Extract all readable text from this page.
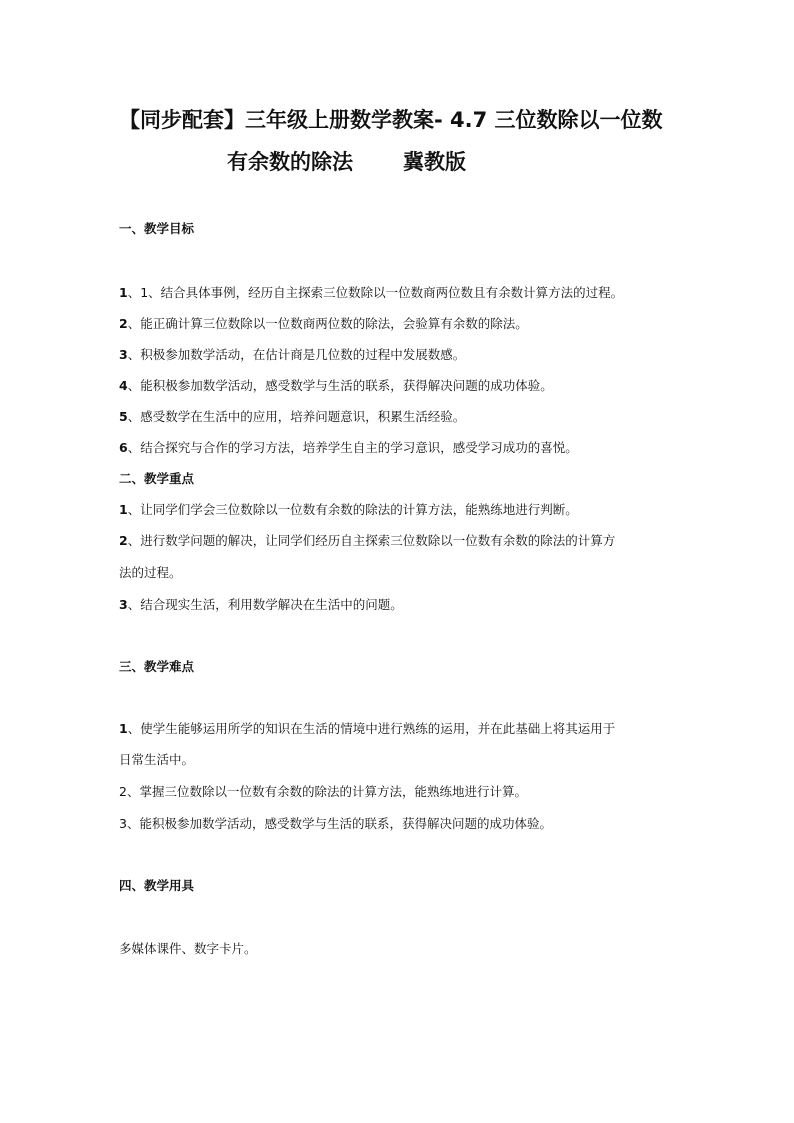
【同步配套】三年级上册数学教案- 4.7 三位数除以一位数
有余数的除法 冀教版
一、教学目标
1、1、结合具体事例，经历自主探索三位数除以一位数商两位数且有余数计算方法的过程。
2、能正确计算三位数除以一位数商两位数的除法，会验算有余数的除法。
3、积极参加数学活动，在估计商是几位数的过程中发展数感。
4、能积极参加数学活动，感受数学与生活的联系，获得解决问题的成功体验。
5、感受数学在生活中的应用，培养问题意识，积累生活经验。
6、结合探究与合作的学习方法，培养学生自主的学习意识，感受学习成功的喜悦。
二、教学重点
1、让同学们学会三位数除以一位数有余数的除法的计算方法，能熟练地进行判断。
2、进行数学问题的解决，让同学们经历自主探索三位数除以一位数有余数的除法的计算方
法的过程。
3、结合现实生活，利用数学解决在生活中的问题。
三、教学难点
1、使学生能够运用所学的知识在生活的情境中进行熟练的运用，并在此基础上将其运用于
日常生活中。
2、掌握三位数除以一位数有余数的除法的计算方法，能熟练地进行计算。
3、能积极参加数学活动，感受数学与生活的联系，获得解决问题的成功体验。
四、教学用具
多媒体课件、数字卡片。
